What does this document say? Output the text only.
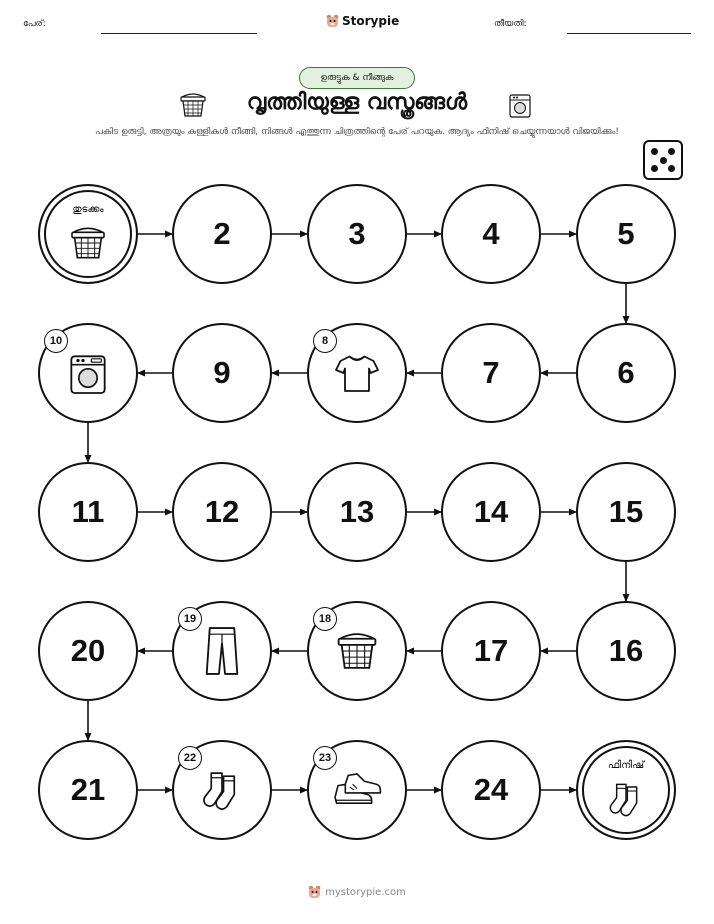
പേര്:	Storypie	തീയതി:
ഉരുട്ടുക & നീങ്ങുക
വൃത്തിയുള്ള വസ്ത്രങ്ങൾ
പകിട ഉരുട്ടി, അത്രയും കള്ളികൾ നീങ്ങി, നിങ്ങൾ എത്തുന്ന ചിത്രത്തിന്റെ പേര് പറയുക. ആദ്യം ഫിനിഷ് ചെയ്യുന്നയാൾ വിജയിക്കും!
തുടക്കം
2	3	4	5
10
9
8
7	6
11	12	13	14	15
20
19	18
17	16
21
22	23
24
ഫിനിഷ്
mystorypie.com
